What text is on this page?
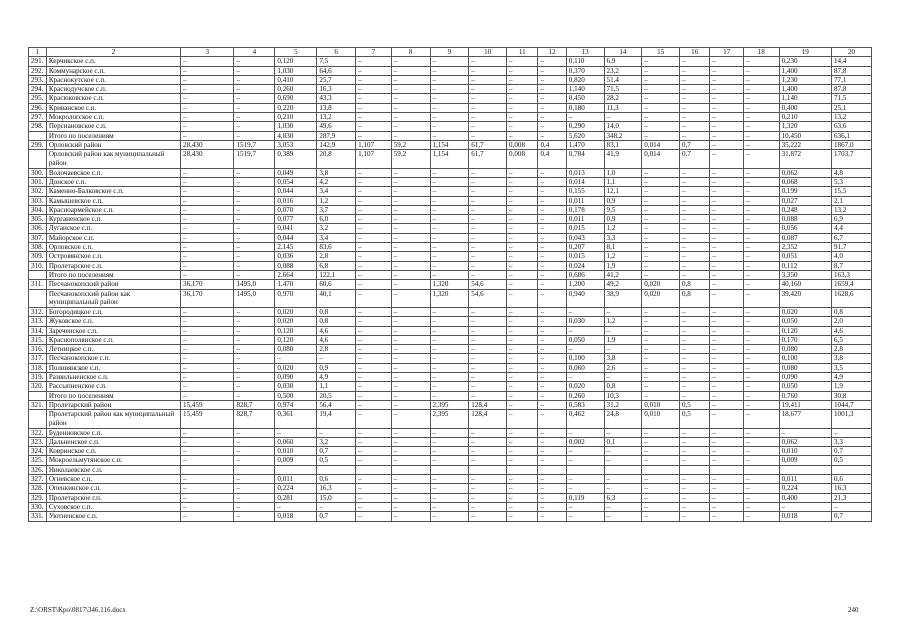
1	2	3	4	5	6	7	8	9	10	11	12	13	14	15	16	17	18	19	20
291.	Керчикское с.п.	–	–	0,120	7,5	–	–	–	–	–	–	0,110	6,9	–	–	–	–	0,230	14,4
292.	Коммунарское с.п.	–	–	1,030	64,6	–	–	–	–	–	–	0,370	23,2	–	–	–	–	1,400	87,8
293.	Краснокутское с.п.	–	–	0,410	25,7	–	–	–	–	–	–	0,820	51,4	–	–	–	–	1,230	77,1
294.	Краснодучское с.п.	–	–	0,260	16,3	–	–	–	–	–	–	1,140	71,5	–	–	–	–	1,400	87,8
295.	Красюковское с.п.	–	–	0,690	43,3	–	–	–	–	–	–	0,450	28,2	–	–	–	–	1,140	71,5
296.	Криванское с.п.	–	–	0,220	13,8	–	–	–	–	–	–	0,180	11,3	–	–	–	–	0,400	25,1
297.	Мокрологское с.п.	–	–	0,210	13,2	–	–	–	–	–	–	–	–	–	–	–	–	0,210	13,2
298.	Персиановское с.п.	–	–	1,030	49,6	–	–	–	–	–	–	0,290	14,0	–	–	–	–	1,320	63,6
	Итого по поселениям	–	–	4,830	287,9	–	–	–	–	–	–	5,620	348,2	–	–	–	–	10,450	636,1
299.	Орловский район	28,430	1519,7	3,053	142,9	1,107	59,2	1,154	61,7	0,008	0,4	1,470	83,1	0,014	0,7	–	–	35,222	1867,0
	Орловский район как муниципальный район	28,430	1519,7	0,389	20,8	1,107	59,2	1,154	61,7	0,008	0,4	0,784	41,9	0,014	0,7	–	–	31,872	1703,7
300.	Волочаевское с.п.	–	–	0,049	3,8	–	–	–	–	–	–	0,013	1,0	–	–	–	–	0,062	4,8
301.	Донское с.п.	–	–	0,054	4,2	–	–	–	–	–	–	0,014	1,1	–	–	–	–	0,068	5,3
302.	Каменно-Балковское с.п.	–	–	0,044	3,4	–	–	–	–	–	–	0,155	12,1	–	–	–	–	0,199	15,5
303.	Камышевское с.п.	–	–	0,016	1,2	–	–	–	–	–	–	0,011	0,9	–	–	–	–	0,027	2,1
304.	Красноармейское с.п.	–	–	0,070	3,7	–	–	–	–	–	–	0,178	9,5	–	–	–	–	0,248	13,2
305.	Курганенское с.п.	–	–	0,077	6,0	–	–	–	–	–	–	0,011	0,9	–	–	–	–	0,088	6,9
306.	Луганское с.п.	–	–	0,041	3,2	–	–	–	–	–	–	0,015	1,2	–	–	–	–	0,056	4,4
307.	Майорское с.п.	–	–	0,044	3,4	–	–	–	–	–	–	0,043	3,3	–	–	–	–	0,087	6,7
308.	Орловское с.п.	–	–	2,145	83,6	–	–	–	–	–	–	0,207	8,1	–	–	–	–	2,352	91,7
309.	Островянское с.п.	–	–	0,036	2,8	–	–	–	–	–	–	0,015	1,2	–	–	–	–	0,051	4,0
310.	Пролетарское с.п.	–	–	0,088	6,8	–	–	–	–	–	–	0,024	1,9	–	–	–	–	0,112	8,7
	Итого по поселениям	–	–	2,664	122,1	–	–	–	–	–	–	0,686	41,2	–	–	–	–	3,350	163,3
311.	Песчанокопский район	36,170	1495,0	1,470	60,6	–	–	1,320	54,6	–	–	1,200	49,2	0,020	0,8	–	–	40,160	1659,4
	Песчанокопский район как муниципальный район	36,170	1495,0	0,970	40,1	–	–	1,320	54,6	–	–	0,940	38,9	0,020	0,8	–	–	39,420	1628,6
312.	Богородицкое с.п.	–	–	0,020	0,8	–	–	–	–	–	–	–	–	–	–	–	–	0,020	0,8
313.	Жуковское с.п.	–	–	0,020	0,8	–	–	–	–	–	–	0,030	1,2	–	–	–	–	0,050	2,0
314.	Зареченское с.п.	–	–	0,120	4,6	–	–	–	–	–	–	–	–	–	–	–	–	0,120	4,6
315.	Краснополянское с.п.	–	–	0,120	4,6	–	–	–	–	–	–	0,050	1,9	–	–	–	–	0,170	6,5
316.	Летницкое с.п.	–	–	0,080	2,8	–	–	–	–	–	–	–	–	–	–	–	–	0,080	2,8
317.	Песчанокопское с.п.	–	–	–	–	–	–	–	–	–	–	0,100	3,8	–	–	–	–	0,100	3,8
318.	Поливянское с.п.	–	–	0,020	0,9	–	–	–	–	–	–	0,060	2,6	–	–	–	–	0,080	3,5
319.	Развильненское с.п.	–	–	0,090	4,9	–	–	–	–	–	–	–	–	–	–	–	–	0,090	4,9
320.	Рассыпненское с.п.	–	–	0,030	1,1	–	–	–	–	–	–	0,020	0,8	–	–	–	–	0,050	1,9
	Итого по поселениям	–	–	0,500	20,5	–	–	–	–	–	–	0,260	10,3	–	–	–	–	0,760	30,8
321.	Пролетарский район	15,459	828,7	0,974	56,4	–	–	2,395	128,4	–	–	0,583	31,2	0,010	0,5	–	–	19,411	1044,7
	Пролетарский район как муниципальный район	15,459	828,7	0,361	19,4	–	–	2,395	128,4	–	–	0,462	24,8	0,010	0,5	–	–	18,677	1001,3
322.	Буденновское с.п.	–	–	–	–	–	–	–	–	–	–	–	–	–	–	–	–	–	–
323.	Дальненское с.п.	–	–	0,060	3,2	–	–	–	–	–	–	0,002	0,1	–	–	–	–	0,062	3,3
324.	Ковринское с.п.	–	–	0,010	0,7	–	–	–	–	–	–	–	–	–	–	–	–	0,010	0,7
325.	Мокроельмутянское с.п.	–	–	0,009	0,5	–	–	–	–	–	–	–	–	–	–	–	–	0,009	0,5
326.	Николаевское с.п.																		
327.	Огневское с.п.	–	–	0,011	0,6	–	–	–	–	–	–	–	–	–	–	–	–	0,011	0,6
328.	Опенкинское с.п.	–	–	0,224	16,3	–	–	–	–	–	–	–	–	–	–	–	–	0,224	16,3
329.	Пролетарское г.п.	–	–	0,281	15,0	–	–	–	–	–	–	0,119	6,3	–	–	–	–	0,400	21,3
330.	Суховское с.п.	–	–	–	–	–	–	–	–	–	–	–	–	–	–	–	–	–	–
331.	Уютненское с.п.	–	–	0,018	0,7	–	–	–	–	–	–	–	–	–	–	–	–	0,018	0,7
Z:\ORST\Kpo\0817\346.116.docx	240
